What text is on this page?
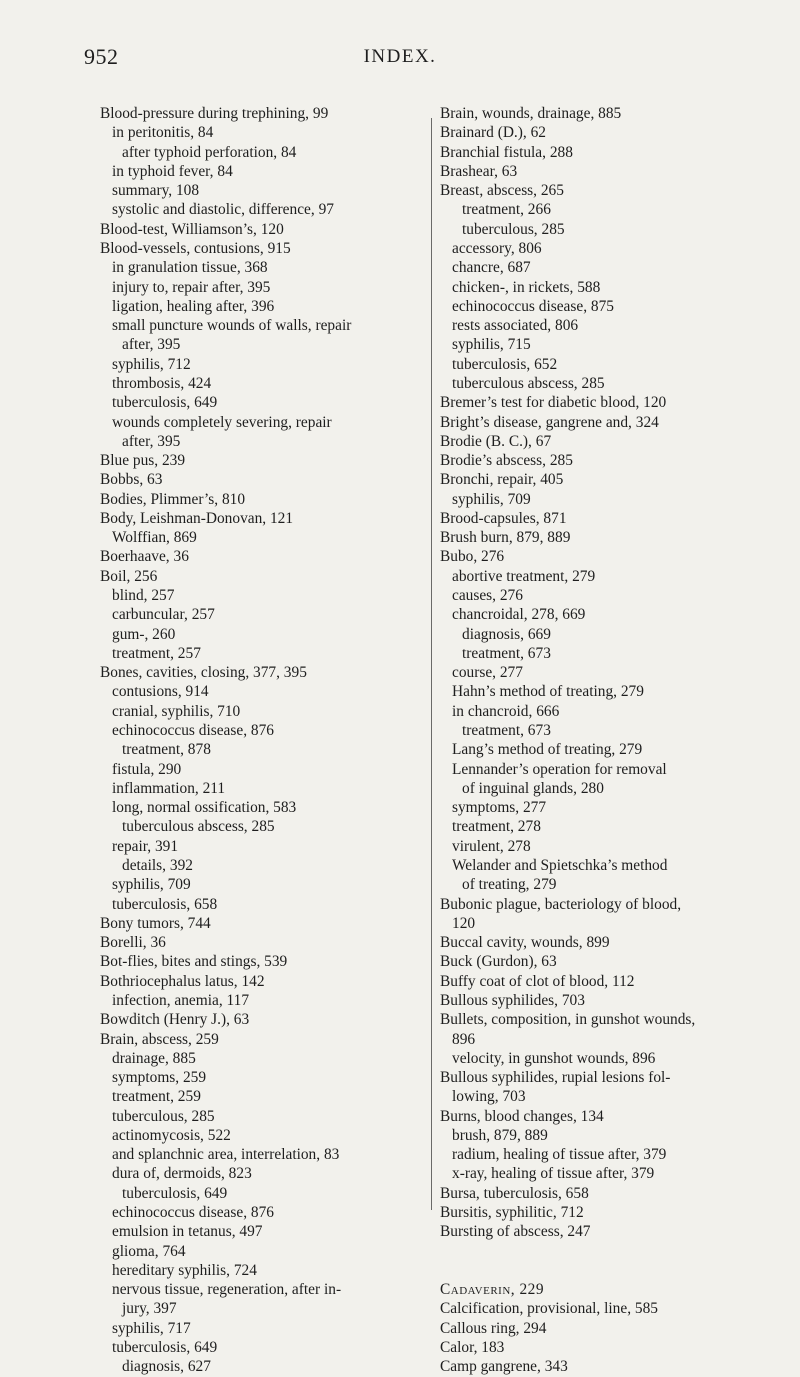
952	INDEX.
Blood-pressure during trephining, 99
in peritonitis, 84
after typhoid perforation, 84
in typhoid fever, 84
summary, 108
systolic and diastolic, difference, 97
Blood-test, Williamson’s, 120
Blood-vessels, contusions, 915
in granulation tissue, 368
injury to, repair after, 395
ligation, healing after, 396
small puncture wounds of walls, repair
after, 395
syphilis, 712
thrombosis, 424
tuberculosis, 649
wounds completely severing, repair
after, 395
Blue pus, 239
Bobbs, 63
Bodies, Plimmer’s, 810
Body, Leishman-Donovan, 121
Wolffian, 869
Boerhaave, 36
Boil, 256
blind, 257
carbuncular, 257
gum-, 260
treatment, 257
Bones, cavities, closing, 377, 395
contusions, 914
cranial, syphilis, 710
echinococcus disease, 876
treatment, 878
fistula, 290
inflammation, 211
long, normal ossification, 583
tuberculous abscess, 285
repair, 391
details, 392
syphilis, 709
tuberculosis, 658
Bony tumors, 744
Borelli, 36
Bot-flies, bites and stings, 539
Bothriocephalus latus, 142
infection, anemia, 117
Bowditch (Henry J.), 63
Brain, abscess, 259
drainage, 885
symptoms, 259
treatment, 259
tuberculous, 285
actinomycosis, 522
and splanchnic area, interrelation, 83
dura of, dermoids, 823
tuberculosis, 649
echinococcus disease, 876
emulsion in tetanus, 497
glioma, 764
hereditary syphilis, 724
nervous tissue, regeneration, after in-
jury, 397
syphilis, 717
tuberculosis, 649
diagnosis, 627
Brain, wounds, drainage, 885
Brainard (D.), 62
Branchial fistula, 288
Brashear, 63
Breast, abscess, 265
treatment, 266
tuberculous, 285
accessory, 806
chancre, 687
chicken-, in rickets, 588
echinococcus disease, 875
rests associated, 806
syphilis, 715
tuberculosis, 652
tuberculous abscess, 285
Bremer’s test for diabetic blood, 120
Bright’s disease, gangrene and, 324
Brodie (B. C.), 67
Brodie’s abscess, 285
Bronchi, repair, 405
syphilis, 709
Brood-capsules, 871
Brush burn, 879, 889
Bubo, 276
abortive treatment, 279
causes, 276
chancroidal, 278, 669
diagnosis, 669
treatment, 673
course, 277
Hahn’s method of treating, 279
in chancroid, 666
treatment, 673
Lang’s method of treating, 279
Lennander’s operation for removal
of inguinal glands, 280
symptoms, 277
treatment, 278
virulent, 278
Welander and Spietschka’s method
of treating, 279
Bubonic plague, bacteriology of blood,
120
Buccal cavity, wounds, 899
Buck (Gurdon), 63
Buffy coat of clot of blood, 112
Bullous syphilides, 703
Bullets, composition, in gunshot wounds,
896
velocity, in gunshot wounds, 896
Bullous syphilides, rupial lesions fol-
lowing, 703
Burns, blood changes, 134
brush, 879, 889
radium, healing of tissue after, 379
x-ray, healing of tissue after, 379
Bursa, tuberculosis, 658
Bursitis, syphilitic, 712
Bursting of abscess, 247
Cadaverin, 229
Calcification, provisional, line, 585
Callous ring, 294
Calor, 183
Camp gangrene, 343
